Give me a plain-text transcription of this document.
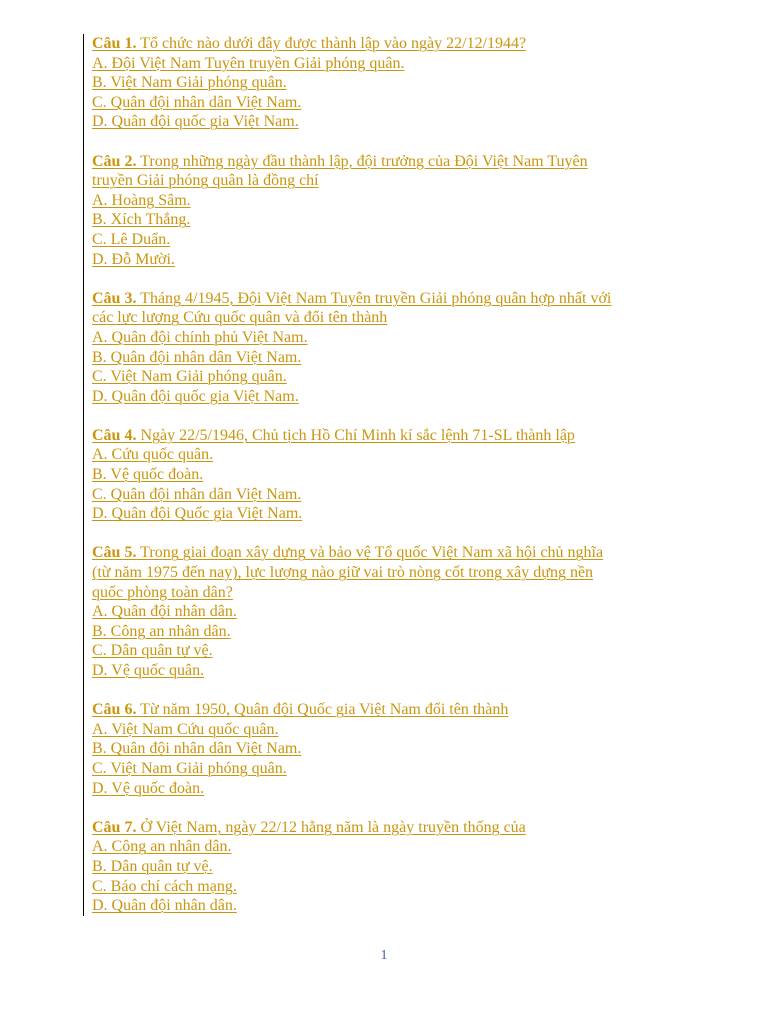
Câu 1. Tổ chức nào dưới đây được thành lập vào ngày 22/12/1944?
A. Đội Việt Nam Tuyên truyền Giải phóng quân.
B. Việt Nam Giải phóng quân.
C. Quân đội nhân dân Việt Nam.
D. Quân đội quốc gia Việt Nam.
Câu 2. Trong những ngày đầu thành lập, đội trưởng của Đội Việt Nam Tuyên
truyền Giải phóng quân là đồng chí
A. Hoàng Sâm.
B. Xích Thắng.
C. Lê Duẩn.
D. Đỗ Mười.
Câu 3. Tháng 4/1945, Đội Việt Nam Tuyên truyền Giải phóng quân hợp nhất với
các lực lượng Cứu quốc quân và đổi tên thành
A. Quân đội chính phủ Việt Nam.
B. Quân đội nhân dân Việt Nam.
C. Việt Nam Giải phóng quân.
D. Quân đội quốc gia Việt Nam.
Câu 4. Ngày 22/5/1946, Chủ tịch Hồ Chí Minh kí sắc lệnh 71-SL thành lập
A. Cứu quốc quân.
B. Vệ quốc đoàn.
C. Quân đội nhân dân Việt Nam.
D. Quân đội Quốc gia Việt Nam.
Câu 5. Trong giai đoạn xây dựng và bảo vệ Tổ quốc Việt Nam xã hội chủ nghĩa
(từ năm 1975 đến nay), lực lượng nào giữ vai trò nòng cốt trong xây dựng nền
quốc phòng toàn dân?
A. Quân đội nhân dân.
B. Công an nhân dân.
C. Dân quân tự vệ.
D. Vệ quốc quân.
Câu 6. Từ năm 1950, Quân đội Quốc gia Việt Nam đổi tên thành
A. Việt Nam Cứu quốc quân.
B. Quân đội nhân dân Việt Nam.
C. Việt Nam Giải phóng quân.
D. Vệ quốc đoàn.
Câu 7. Ở Việt Nam, ngày 22/12 hằng năm là ngày truyền thống của
A. Công an nhân dân.
B. Dân quân tự vệ.
C. Báo chí cách mạng.
D. Quân đội nhân dân.
1
